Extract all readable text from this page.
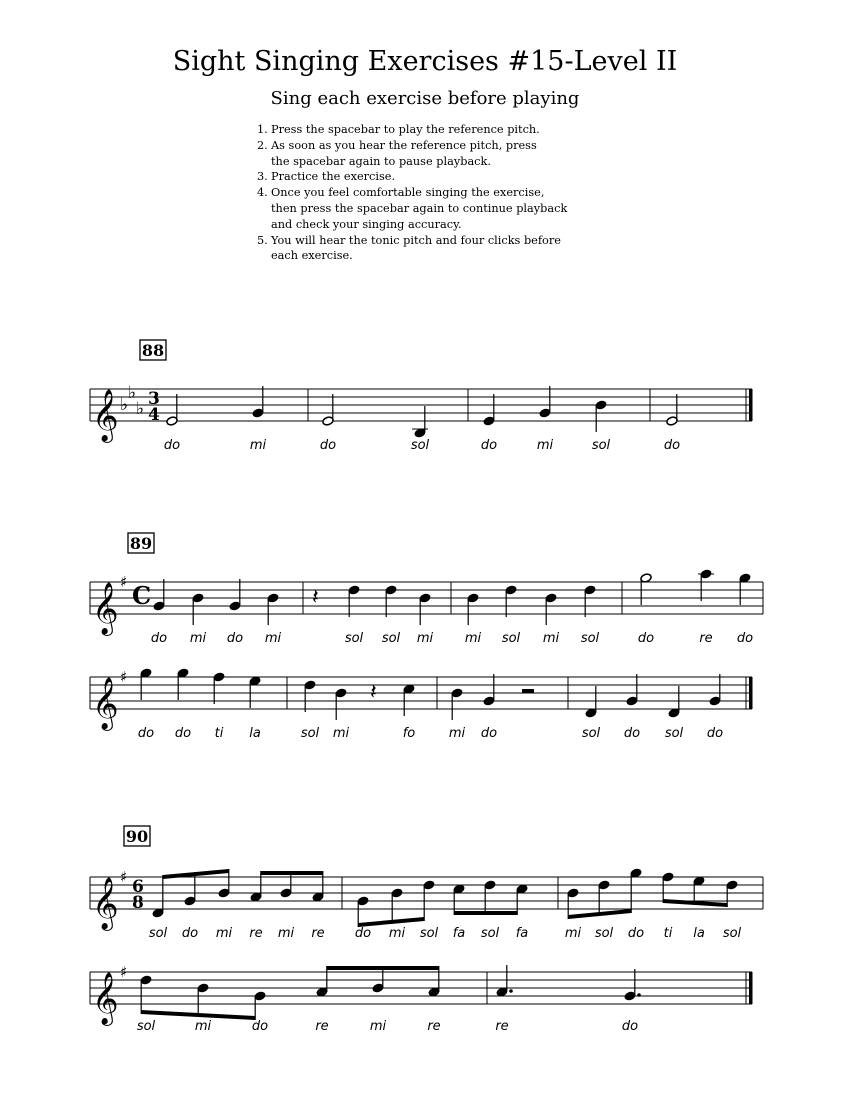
Sight Singing Exercises #15-Level II
Sing each exercise before playing
1. Press the spacebar to play the reference pitch.
2. As soon as you hear the reference pitch, press
the spacebar again to pause playback.
3. Practice the exercise.
4. Once you feel comfortable singing the exercise,
then press the spacebar again to continue playback
and check your singing accuracy.
5. You will hear the tonic pitch and four clicks before
each exercise.
𝄞 ♭
♭
♭ 3
4
88
do	mi	do	sol	do	mi	sol	do
𝄞 ♯ C
89
𝄽
do mi do mi	sol sol mi mi sol mi sol	do	re do
𝄞 ♯
𝄽
do do ti la	sol mi	fo	mi do	sol do sol do
𝄞 ♯ 6
8
90
sol do mi re mi re do mi sol fa sol fa	mi sol do ti la sol
𝄞 ♯
sol	mi	do	re	mi	re	re	do
